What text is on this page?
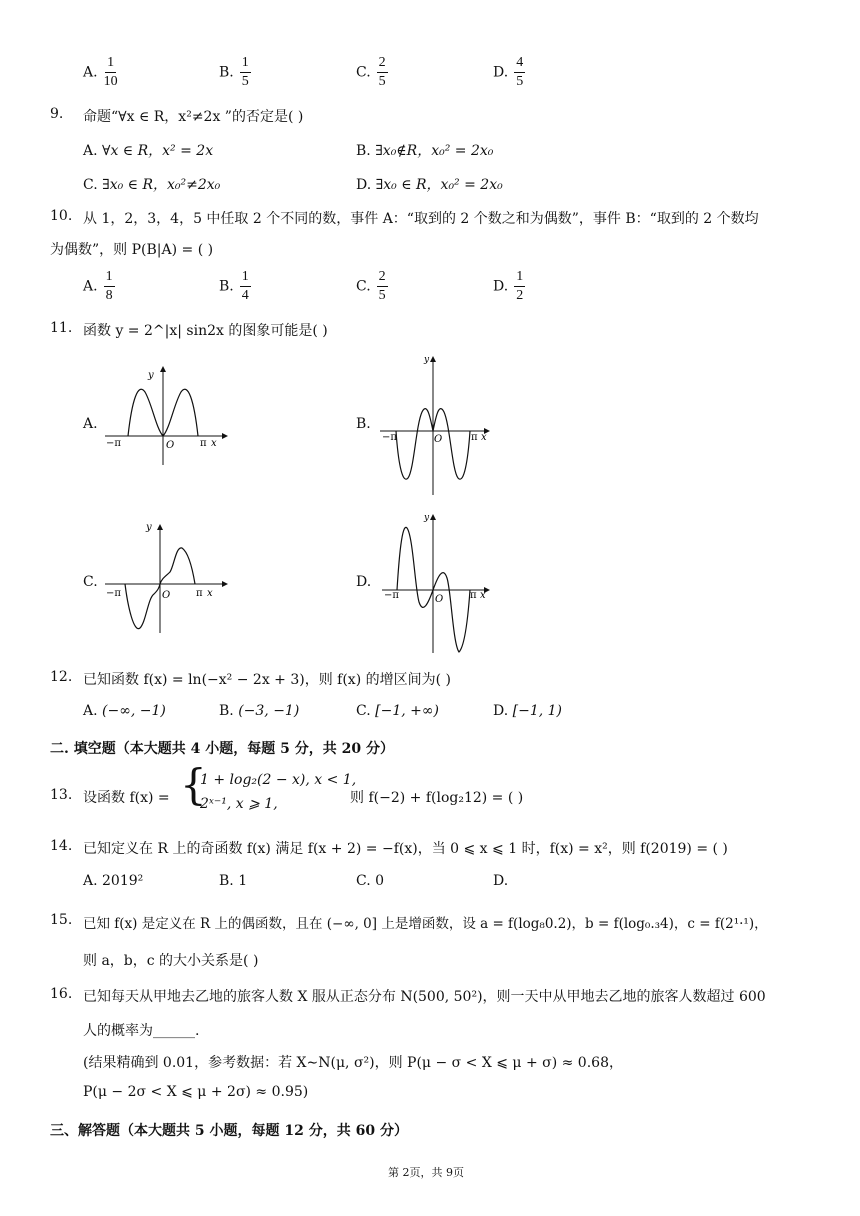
A. $\frac{1}{10}$	B. $\frac{1}{5}$	C. $\frac{2}{5}$	D. $\frac{4}{5}$
9. 命题“∀x ∈ R，x²≠2x ”的否定是( )
A. ∀x ∈ R，x² = 2x	B. ∃x₀∉R，x₀² = 2x₀
C. ∃x₀ ∈ R，x₀²≠2x₀	D. ∃x₀ ∈ R，x₀² = 2x₀
10. 从 1，2，3，4，5 中任取 2 个不同的数，事件 A：“取到的 2 个数之和为偶数”，事件 B：“取到的 2 个数均
为偶数”，则 P(B|A) = ( )
A. $\frac{1}{8}$	B. $\frac{1}{4}$	C. $\frac{2}{5}$	D. $\frac{1}{2}$
11. 函数 y = 2^|x| sin2x 的图象可能是( )
A.	B.
C.	D.
y
−π	O	π x
y
−π	O	π x
y
−π	O	π x
y
−π	O	π x
12. 已知函数 f(x) = ln(−x² − 2x + 3)，则 f(x) 的增区间为( )
A. (−∞, −1)	B. (−3, −1)	C. [−1, +∞)	D. [−1, 1)
二. 填空题（本大题共 4 小题，每题 5 分，共 20 分）
13. 设函数 f(x) = {
1 + log₂(2 − x), x < 1,
2ˣ⁻¹, x ⩾ 1,	则 f(−2) + f(log₂12) = ( )
14. 已知定义在 R 上的奇函数 f(x) 满足 f(x + 2) = −f(x)，当 0 ⩽ x ⩽ 1 时，f(x) = x²，则 f(2019) = ( )
A. 2019²	B. 1	C. 0	D.
15. 已知 f(x) 是定义在 R 上的偶函数，且在 (−∞, 0] 上是增函数，设 a = f(log₈0.2)，b = f(log₀.₃4)，c = f(2¹·¹)，
则 a，b，c 的大小关系是( )
16. 已知每天从甲地去乙地的旅客人数 X 服从正态分布 N(500, 50²)，则一天中从甲地去乙地的旅客人数超过 600
人的概率为______.
(结果精确到 0.01，参考数据：若 X∼N(μ, σ²)，则 P(μ − σ < X ⩽ μ + σ) ≈ 0.68，
P(μ − 2σ < X ⩽ μ + 2σ) ≈ 0.95)
三、解答题（本大题共 5 小题，每题 12 分，共 60 分）
第 2页，共 9页
